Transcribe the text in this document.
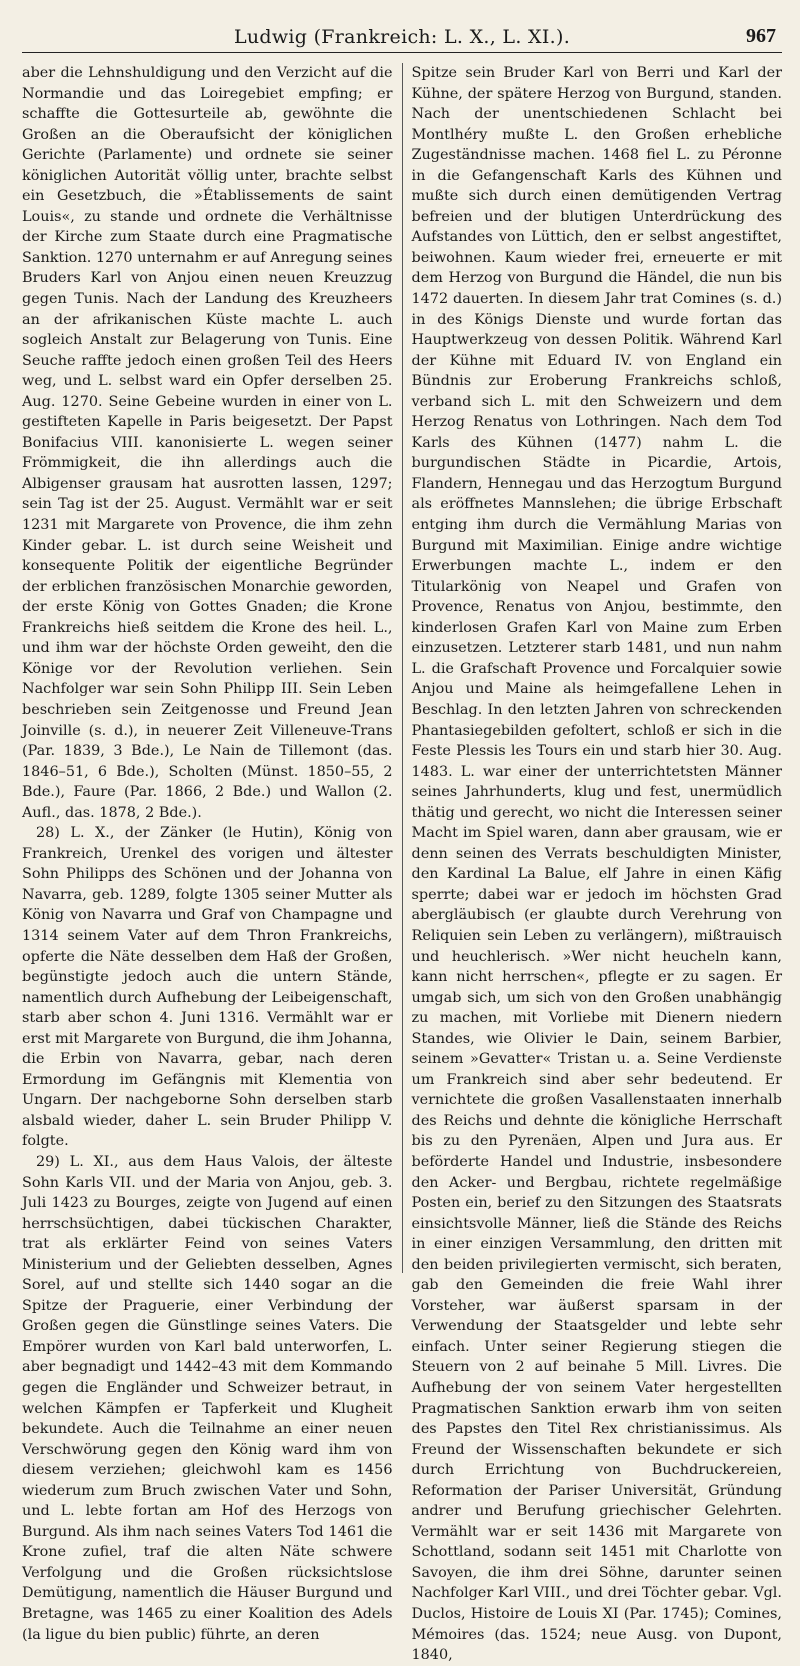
Ludwig (Frankreich: L. X., L. XI.).	967

aber die Lehnshuldigung und den Verzicht auf die Normandie und das Loiregebiet empfing; er schaffte die Gottesurteile ab, gewöhnte die Großen an die Oberaufsicht der königlichen Gerichte (Parlamente) und ordnete sie seiner königlichen Autorität völlig unter, brachte selbst ein Gesetzbuch, die »Établissements de saint Louis«, zu stande und ordnete die Verhältnisse der Kirche zum Staate durch eine Pragmatische Sanktion. 1270 unternahm er auf Anregung seines Bruders Karl von Anjou einen neuen Kreuzzug gegen Tunis. Nach der Landung des Kreuzheers an der afrikanischen Küste machte L. auch sogleich Anstalt zur Belagerung von Tunis. Eine Seuche raffte jedoch einen großen Teil des Heers weg, und L. selbst ward ein Opfer derselben 25. Aug. 1270. Seine Gebeine wurden in einer von L. gestifteten Kapelle in Paris beigesetzt. Der Papst Bonifacius VIII. kanonisierte L. wegen seiner Frömmigkeit, die ihn allerdings auch die Albigenser grausam hat ausrotten lassen, 1297; sein Tag ist der 25. August. Vermählt war er seit 1231 mit Margarete von Provence, die ihm zehn Kinder gebar. L. ist durch seine Weisheit und konsequente Politik der eigentliche Begründer der erblichen französischen Monarchie geworden, der erste König von Gottes Gnaden; die Krone Frankreichs hieß seitdem die Krone des heil. L., und ihm war der höchste Orden geweiht, den die Könige vor der Revolution verliehen. Sein Nachfolger war sein Sohn Philipp III. Sein Leben beschrieben sein Zeitgenosse und Freund Jean Joinville (s. d.), in neuerer Zeit Villeneuve-Trans (Par. 1839, 3 Bde.), Le Nain de Tillemont (das. 1846–51, 6 Bde.), Scholten (Münst. 1850–55, 2 Bde.), Faure (Par. 1866, 2 Bde.) und Wallon (2. Aufl., das. 1878, 2 Bde.).

28) L. X., der Zänker (le Hutin), König von Frankreich, Urenkel des vorigen und ältester Sohn Philipps des Schönen und der Johanna von Navarra, geb. 1289, folgte 1305 seiner Mutter als König von Navarra und Graf von Champagne und 1314 seinem Vater auf dem Thron Frankreichs, opferte die Näte desselben dem Haß der Großen, begünstigte jedoch auch die untern Stände, namentlich durch Aufhebung der Leibeigenschaft, starb aber schon 4. Juni 1316. Vermählt war er erst mit Margarete von Burgund, die ihm Johanna, die Erbin von Navarra, gebar, nach deren Ermordung im Gefängnis mit Klementia von Ungarn. Der nachgeborne Sohn derselben starb alsbald wieder, daher L. sein Bruder Philipp V. folgte.

29) L. XI., aus dem Haus Valois, der älteste Sohn Karls VII. und der Maria von Anjou, geb. 3. Juli 1423 zu Bourges, zeigte von Jugend auf einen herrschsüchtigen, dabei tückischen Charakter, trat als erklärter Feind von seines Vaters Ministerium und der Geliebten desselben, Agnes Sorel, auf und stellte sich 1440 sogar an die Spitze der Praguerie, einer Verbindung der Großen gegen die Günstlinge seines Vaters. Die Empörer wurden von Karl bald unterworfen, L. aber begnadigt und 1442–43 mit dem Kommando gegen die Engländer und Schweizer betraut, in welchen Kämpfen er Tapferkeit und Klugheit bekundete. Auch die Teilnahme an einer neuen Verschwörung gegen den König ward ihm von diesem verziehen; gleichwohl kam es 1456 wiederum zum Bruch zwischen Vater und Sohn, und L. lebte fortan am Hof des Herzogs von Burgund. Als ihm nach seines Vaters Tod 1461 die Krone zufiel, traf die alten Näte schwere Verfolgung und die Großen rücksichtslose Demütigung, namentlich die Häuser Burgund und Bretagne, was 1465 zu einer Koalition des Adels (la ligue du bien public) führte, an deren

Spitze sein Bruder Karl von Berri und Karl der Kühne, der spätere Herzog von Burgund, standen. Nach der unentschiedenen Schlacht bei Montlhéry mußte L. den Großen erhebliche Zugeständnisse machen. 1468 fiel L. zu Péronne in die Gefangenschaft Karls des Kühnen und mußte sich durch einen demütigenden Vertrag befreien und der blutigen Unterdrückung des Aufstandes von Lüttich, den er selbst angestiftet, beiwohnen. Kaum wieder frei, erneuerte er mit dem Herzog von Burgund die Händel, die nun bis 1472 dauerten. In diesem Jahr trat Comines (s. d.) in des Königs Dienste und wurde fortan das Hauptwerkzeug von dessen Politik. Während Karl der Kühne mit Eduard IV. von England ein Bündnis zur Eroberung Frankreichs schloß, verband sich L. mit den Schweizern und dem Herzog Renatus von Lothringen. Nach dem Tod Karls des Kühnen (1477) nahm L. die burgundischen Städte in Picardie, Artois, Flandern, Hennegau und das Herzogtum Burgund als eröffnetes Mannslehen; die übrige Erbschaft entging ihm durch die Vermählung Marias von Burgund mit Maximilian. Einige andre wichtige Erwerbungen machte L., indem er den Titularkönig von Neapel und Grafen von Provence, Renatus von Anjou, bestimmte, den kinderlosen Grafen Karl von Maine zum Erben einzusetzen. Letzterer starb 1481, und nun nahm L. die Grafschaft Provence und Forcalquier sowie Anjou und Maine als heimgefallene Lehen in Beschlag. In den letzten Jahren von schreckenden Phantasiegebilden gefoltert, schloß er sich in die Feste Plessis les Tours ein und starb hier 30. Aug. 1483. L. war einer der unterrichtetsten Männer seines Jahrhunderts, klug und fest, unermüdlich thätig und gerecht, wo nicht die Interessen seiner Macht im Spiel waren, dann aber grausam, wie er denn seinen des Verrats beschuldigten Minister, den Kardinal La Balue, elf Jahre in einen Käfig sperrte; dabei war er jedoch im höchsten Grad abergläubisch (er glaubte durch Verehrung von Reliquien sein Leben zu verlängern), mißtrauisch und heuchlerisch. »Wer nicht heucheln kann, kann nicht herrschen«, pflegte er zu sagen. Er umgab sich, um sich von den Großen unabhängig zu machen, mit Vorliebe mit Dienern niedern Standes, wie Olivier le Dain, seinem Barbier, seinem »Gevatter« Tristan u. a. Seine Verdienste um Frankreich sind aber sehr bedeutend. Er vernichtete die großen Vasallenstaaten innerhalb des Reichs und dehnte die königliche Herrschaft bis zu den Pyrenäen, Alpen und Jura aus. Er beförderte Handel und Industrie, insbesondere den Acker- und Bergbau, richtete regelmäßige Posten ein, berief zu den Sitzungen des Staatsrats einsichtsvolle Männer, ließ die Stände des Reichs in einer einzigen Versammlung, den dritten mit den beiden privilegierten vermischt, sich beraten, gab den Gemeinden die freie Wahl ihrer Vorsteher, war äußerst sparsam in der Verwendung der Staatsgelder und lebte sehr einfach. Unter seiner Regierung stiegen die Steuern von 2 auf beinahe 5 Mill. Livres. Die Aufhebung der von seinem Vater hergestellten Pragmatischen Sanktion erwarb ihm von seiten des Papstes den Titel Rex christianissimus. Als Freund der Wissenschaften bekundete er sich durch Errichtung von Buchdruckereien, Reformation der Pariser Universität, Gründung andrer und Berufung griechischer Gelehrten. Vermählt war er seit 1436 mit Margarete von Schottland, sodann seit 1451 mit Charlotte von Savoyen, die ihm drei Söhne, darunter seinen Nachfolger Karl VIII., und drei Töchter gebar. Vgl. Duclos, Histoire de Louis XI (Par. 1745); Comines, Mémoires (das. 1524; neue Ausg. von Dupont, 1840,
